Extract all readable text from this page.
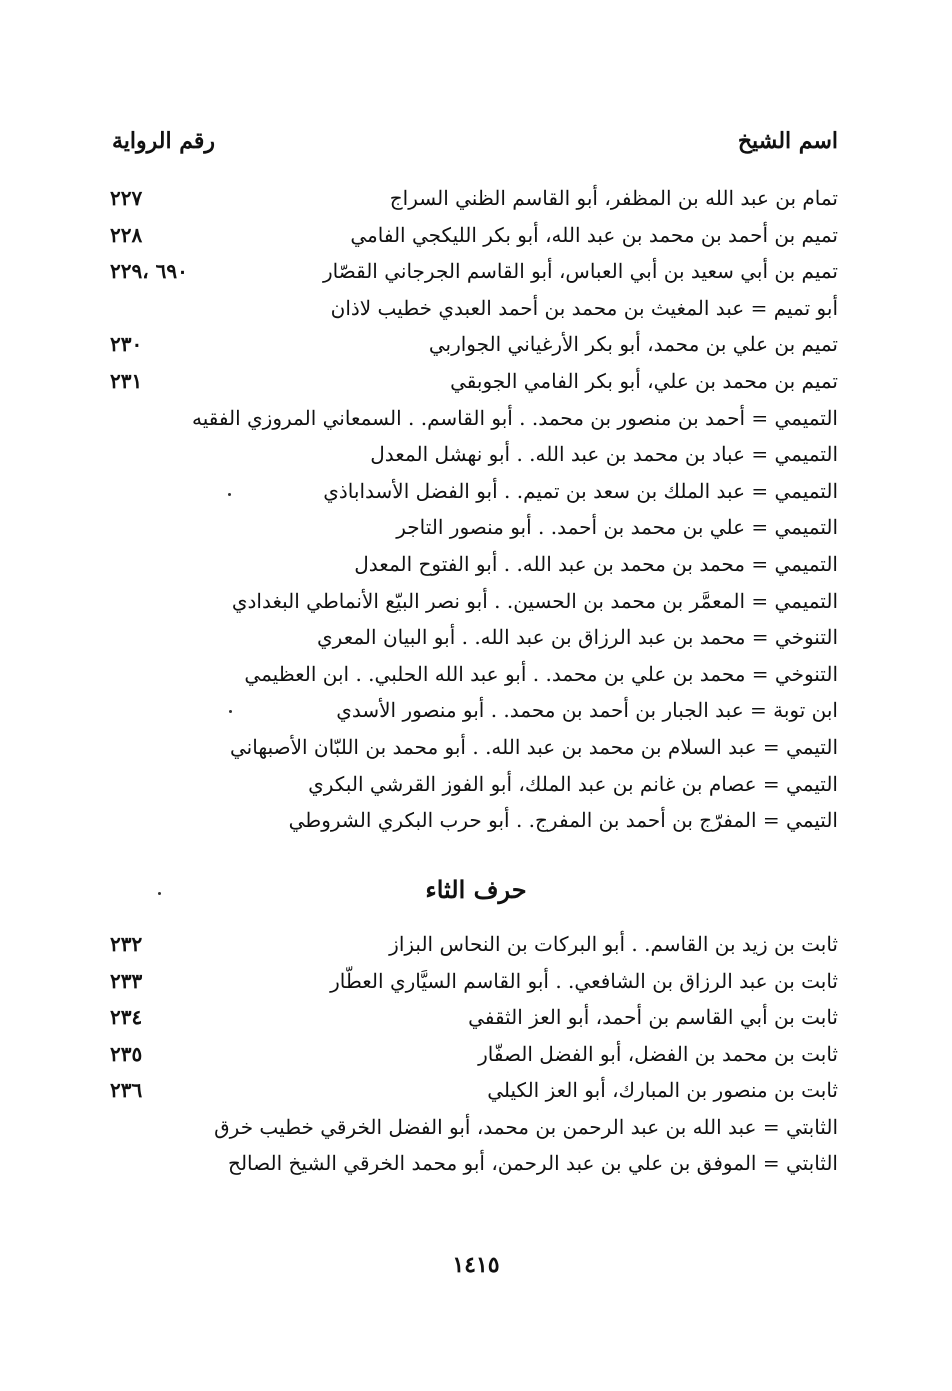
اسم الشيخ
رقم الرواية
تمام بن عبد الله بن المظفر، أبو القاسم الظني السراج
٢٢٧
تميم بن أحمد بن محمد بن عبد الله، أبو بكر الليكجي الفامي
٢٢٨
تميم بن أبي سعيد بن أبي العباس، أبو القاسم الجرجاني القصّار
٦٩٠ ،٢٢٩
أبو تميم = عبد المغيث بن محمد بن أحمد العبدي خطيب لاذان
تميم بن علي بن محمد، أبو بكر الأرغياني الجواربي
٢٣٠
تميم بن محمد بن علي، أبو بكر الفامي الجوبقي
٢٣١
التميمي = أحمد بن منصور بن محمد. . أبو القاسم. . السمعاني المروزي الفقيه
التميمي = عباد بن محمد بن عبد الله. . أبو نهشل المعدل
التميمي = عبد الملك بن سعد بن تميم. . أبو الفضل الأسداباذي
التميمي = علي بن محمد بن أحمد. . أبو منصور التاجر
التميمي = محمد بن محمد بن عبد الله. . أبو الفتوح المعدل
التميمي = المعمَّر بن محمد بن الحسين. . أبو نصر البيّع الأنماطي البغدادي
التنوخي = محمد بن عبد الرزاق بن عبد الله. . أبو البيان المعري
التنوخي = محمد بن علي بن محمد. . أبو عبد الله الحلبي. . ابن العظيمي
ابن توبة = عبد الجبار بن أحمد بن محمد. . أبو منصور الأسدي
التيمي = عبد السلام بن محمد بن عبد الله. . أبو محمد بن اللبّان الأصبهاني
التيمي = عصام بن غانم بن عبد الملك، أبو الفوز القرشي البكري
التيمي = المفرّج بن أحمد بن المفرج. . أبو حرب البكري الشروطي
حرف الثاء
ثابت بن زيد بن القاسم. . أبو البركات بن النحاس البزاز
٢٣٢
ثابت بن عبد الرزاق بن الشافعي. . أبو القاسم السيَّاري العطّار
٢٣٣
ثابت بن أبي القاسم بن أحمد، أبو العز الثقفي
٢٣٤
ثابت بن محمد بن الفضل، أبو الفضل الصفّار
٢٣٥
ثابت بن منصور بن المبارك، أبو العز الكيلي
٢٣٦
الثابتي = عبد الله بن عبد الرحمن بن محمد، أبو الفضل الخرقي خطيب خرق
الثابتي = الموفق بن علي بن عبد الرحمن، أبو محمد الخرقي الشيخ الصالح
١٤١٥
